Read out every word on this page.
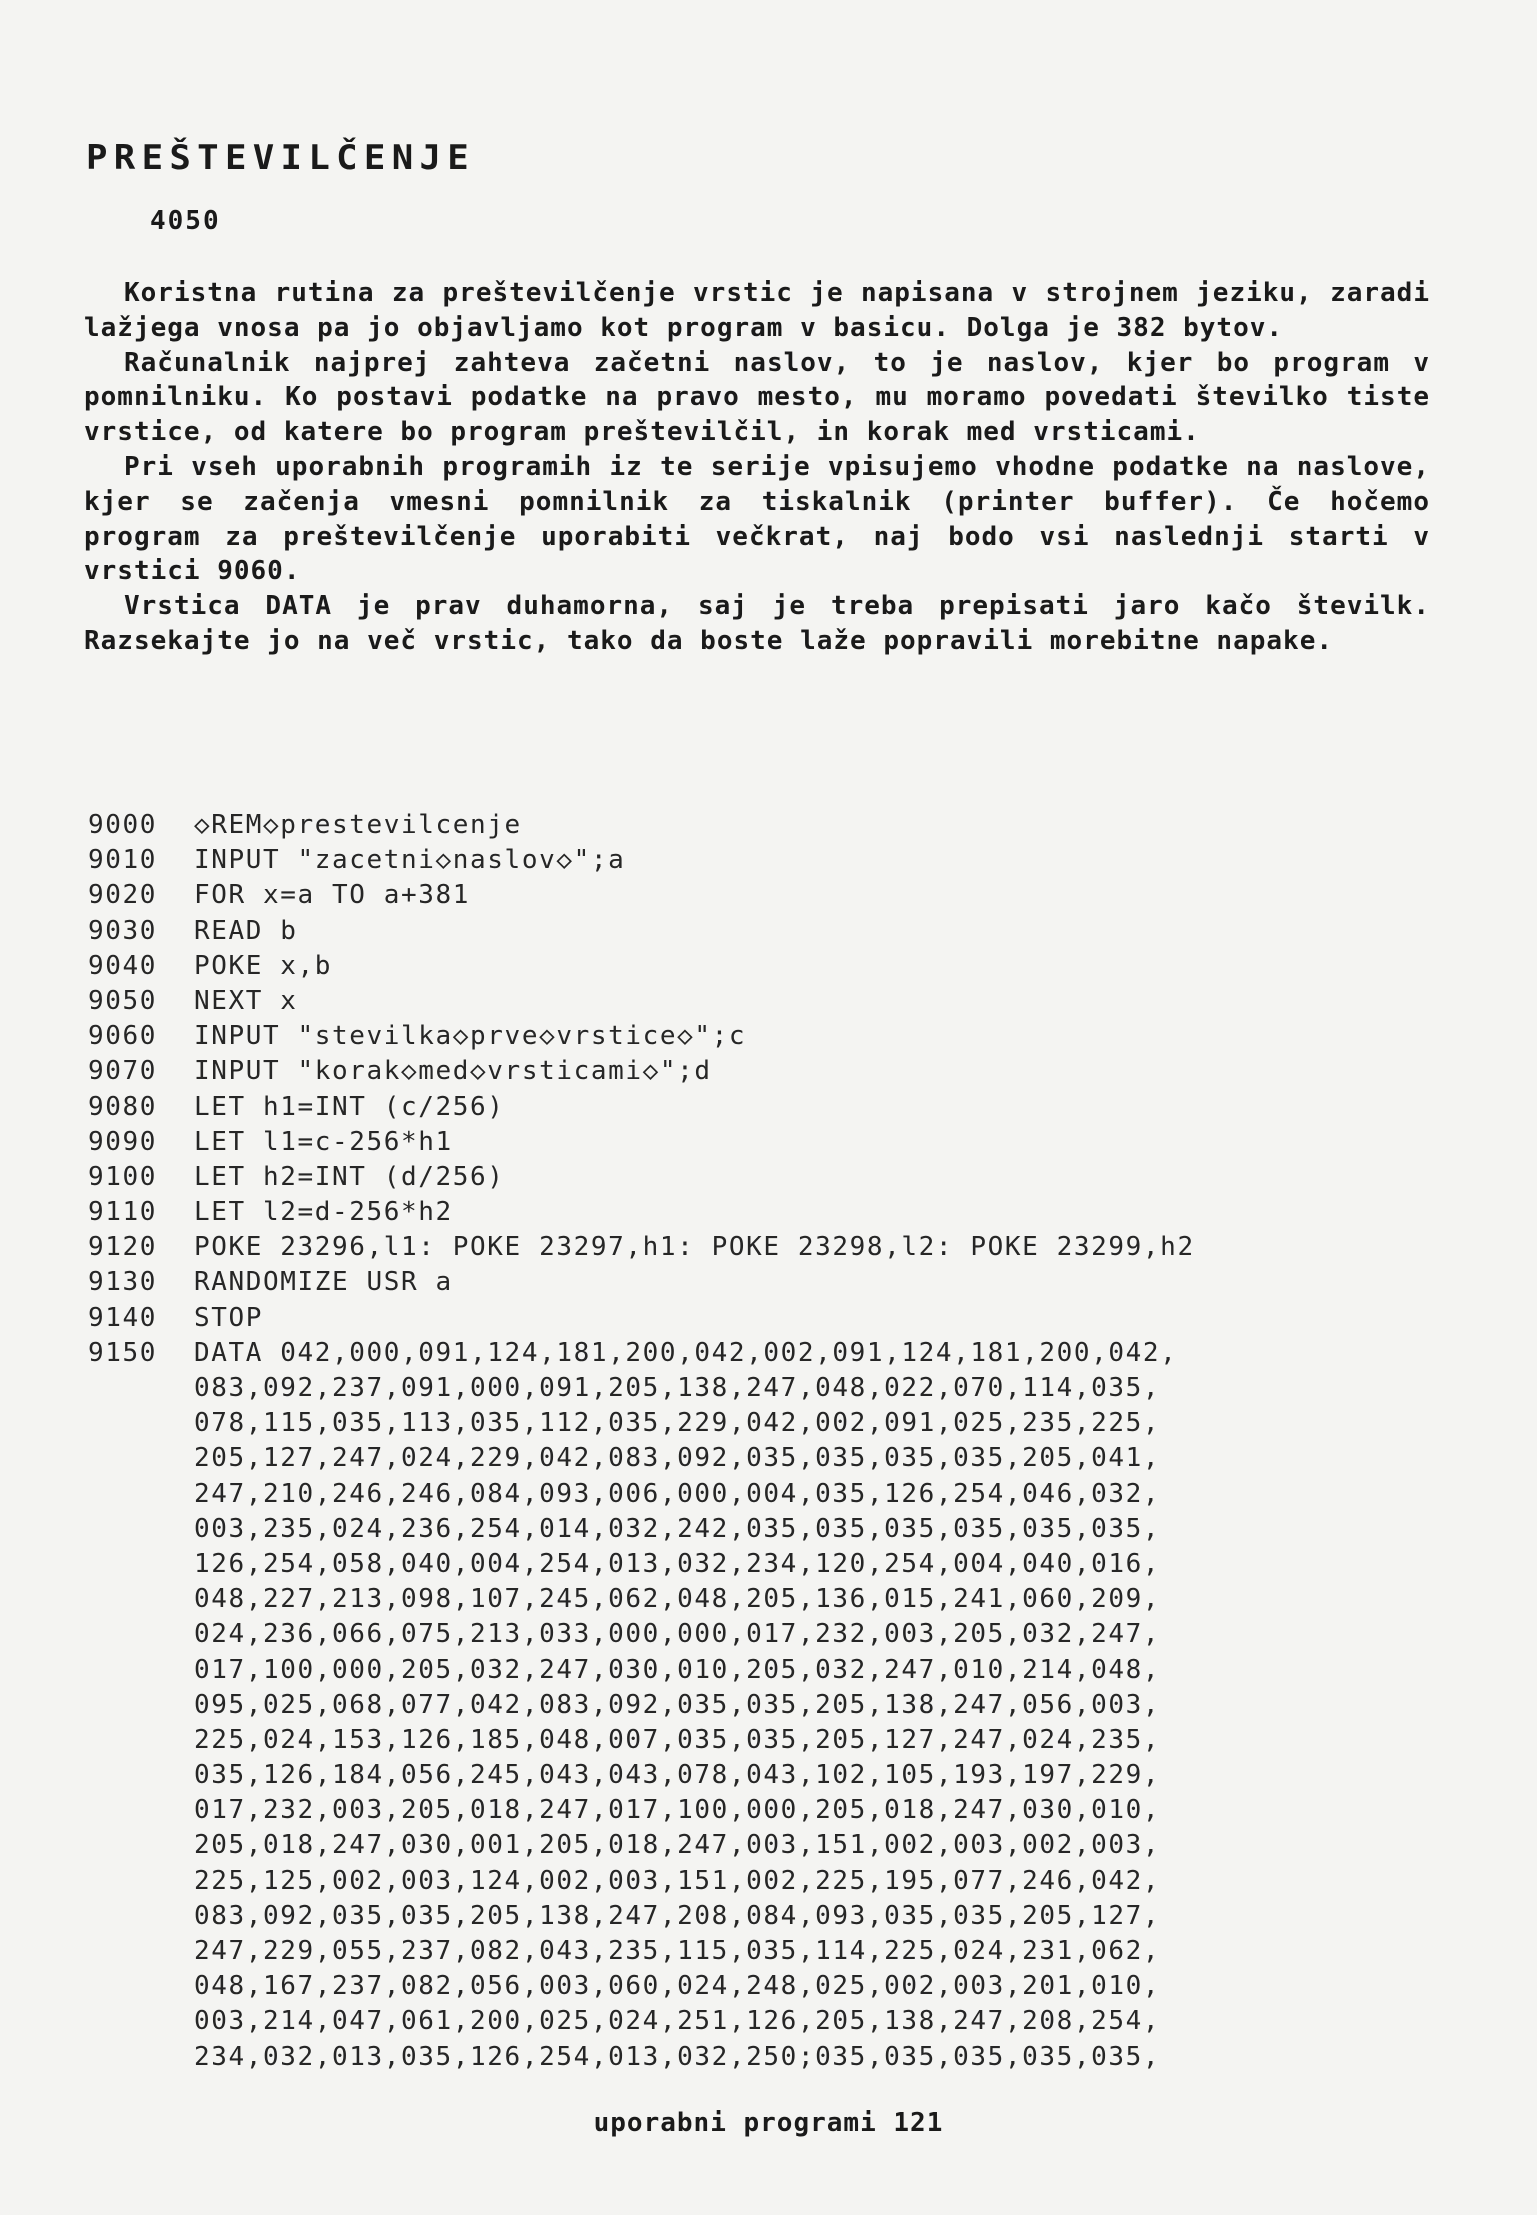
PREŠTEVILČENJE
4050

Koristna rutina za preštevilčenje vrstic je napisana v strojnem jeziku, zaradi lažjega vnosa pa jo objavljamo kot program v basicu. Dolga je 382 bytov.

Računalnik najprej zahteva začetni naslov, to je naslov, kjer bo program v pomnilniku. Ko postavi podatke na pravo mesto, mu moramo povedati številko tiste vrstice, od katere bo program preštevilčil, in korak med vrsticami.

Pri vseh uporabnih programih iz te serije vpisujemo vhodne podatke na naslove, kjer se začenja vmesni pomnilnik za tiskalnik (printer buffer). Če hočemo program za preštevilčenje uporabiti večkrat, naj bodo vsi naslednji starti v vrstici 9060.

Vrstica DATA je prav duhamorna, saj je treba prepisati jaro kačo številk. Razsekajte jo na več vrstic, tako da boste laže popravili morebitne napake.

9000	◇REM◇prestevilcenje
9010	INPUT "zacetni◇naslov◇";a
9020	FOR x=a TO a+381
9030	READ b
9040	POKE x,b
9050	NEXT x
9060	INPUT "stevilka◇prve◇vrstice◇";c
9070	INPUT "korak◇med◇vrsticami◇";d
9080	LET h1=INT (c/256)
9090	LET l1=c-256*h1
9100	LET h2=INT (d/256)
9110	LET l2=d-256*h2
9120	POKE 23296,l1: POKE 23297,h1: POKE 23298,l2: POKE 23299,h2
9130	RANDOMIZE USR a
9140	STOP
9150	DATA 042,000,091,124,181,200,042,002,091,124,181,200,042,
083,092,237,091,000,091,205,138,247,048,022,070,114,035,
078,115,035,113,035,112,035,229,042,002,091,025,235,225,
205,127,247,024,229,042,083,092,035,035,035,035,205,041,
247,210,246,246,084,093,006,000,004,035,126,254,046,032,
003,235,024,236,254,014,032,242,035,035,035,035,035,035,
126,254,058,040,004,254,013,032,234,120,254,004,040,016,
048,227,213,098,107,245,062,048,205,136,015,241,060,209,
024,236,066,075,213,033,000,000,017,232,003,205,032,247,
017,100,000,205,032,247,030,010,205,032,247,010,214,048,
095,025,068,077,042,083,092,035,035,205,138,247,056,003,
225,024,153,126,185,048,007,035,035,205,127,247,024,235,
035,126,184,056,245,043,043,078,043,102,105,193,197,229,
017,232,003,205,018,247,017,100,000,205,018,247,030,010,
205,018,247,030,001,205,018,247,003,151,002,003,002,003,
225,125,002,003,124,002,003,151,002,225,195,077,246,042,
083,092,035,035,205,138,247,208,084,093,035,035,205,127,
247,229,055,237,082,043,235,115,035,114,225,024,231,062,
048,167,237,082,056,003,060,024,248,025,002,003,201,010,
003,214,047,061,200,025,024,251,126,205,138,247,208,254,
234,032,013,035,126,254,013,032,250;035,035,035,035,035,
uporabni programi 121
